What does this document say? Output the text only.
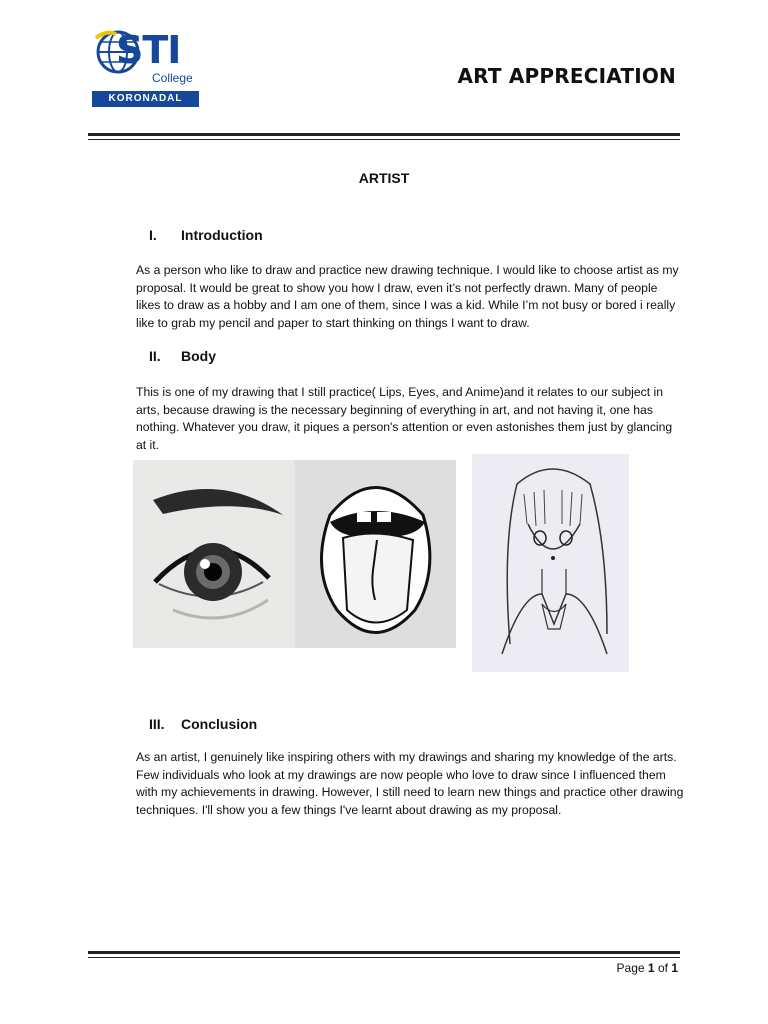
STI
College
KORONADAL
ART APPRECIATION
ARTIST
I. Introduction
As a person who like to draw and practice new drawing technique. I would like to choose artist as my proposal. It would be great to show you how I draw, even it’s not perfectly drawn. Many of people likes to draw as a hobby and I am one of them, since I was a kid. While I’m not busy or bored i really like to grab my pencil and paper to start thinking on things I want to draw.
II. Body
This is one of my drawing that I still practice( Lips, Eyes, and Anime)and it relates to our subject in arts, because drawing is the necessary beginning of everything in art, and not having it, one has nothing. Whatever you draw, it piques a person's attention or even astonishes them just by glancing at it.
III. Conclusion
As an artist, I genuinely like inspiring others with my drawings and sharing my knowledge of the arts. Few individuals who look at my drawings are now people who love to draw since I influenced them with my achievements in drawing. However, I still need to learn new things and practice other drawing techniques. I'll show you a few things I've learnt about drawing as my proposal.
Page 1 of 1
